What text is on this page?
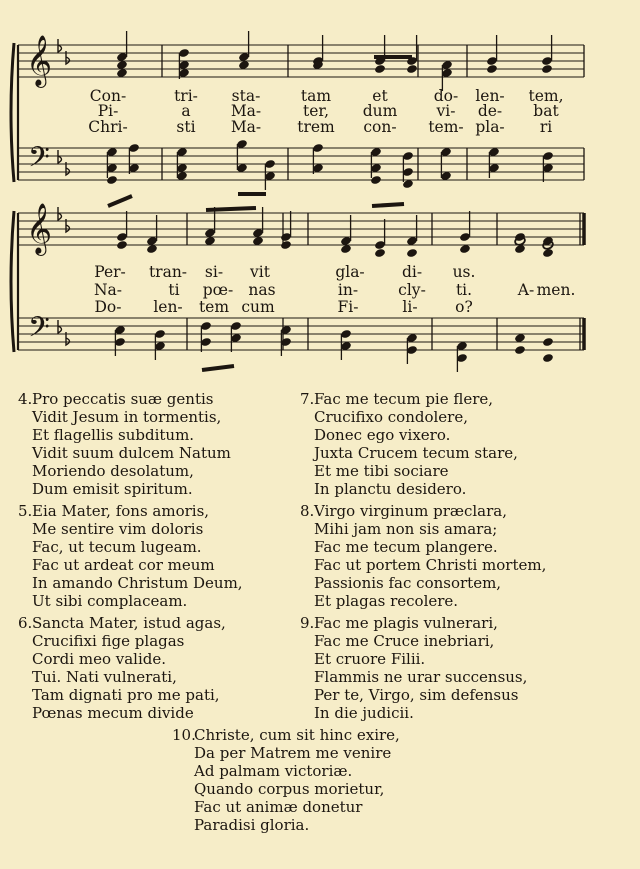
𝄞
𝄢
𝄞
𝄢
Con-	tri- sta-	tam	et	do- len- tem,
Pi-	a	Ma-	ter, dum	vi- de- bat
Chri-	sti Ma- trem con- tem- pla- ri
Per- tran- si- vit	gla- di- us.
Na-	ti pœ- nas	in-	cly- ti.	A- men.
Do- len- tem cum	Fi-	li- o?
4.Pro peccatis suæ gentis
Vidit Jesum in tormentis,
Et flagellis subditum.
Vidit suum dulcem Natum
Moriendo desolatum,
Dum emisit spiritum.
5.Eia Mater, fons amoris,
Me sentire vim doloris
Fac, ut tecum lugeam.
Fac ut ardeat cor meum
In amando Christum Deum,
Ut sibi complaceam.
6.Sancta Mater, istud agas,
Crucifixi fige plagas
Cordi meo valide.
Tui. Nati vulnerati,
Tam dignati pro me pati,
Pœnas mecum divide
7.Fac me tecum pie flere,
Crucifixo condolere,
Donec ego vixero.
Juxta Crucem tecum stare,
Et me tibi sociare
In planctu desidero.
8.Virgo virginum præclara,
Mihi jam non sis amara;
Fac me tecum plangere.
Fac ut portem Christi mortem,
Passionis fac consortem,
Et plagas recolere.
9.Fac me plagis vulnerari,
Fac me Cruce inebriari,
Et cruore Filii.
Flammis ne urar succensus,
Per te, Virgo, sim defensus
In die judicii.
10.Christe, cum sit hinc exire,
Da per Matrem me venire
Ad palmam victoriæ.
Quando corpus morietur,
Fac ut animæ donetur
Paradisi gloria.
